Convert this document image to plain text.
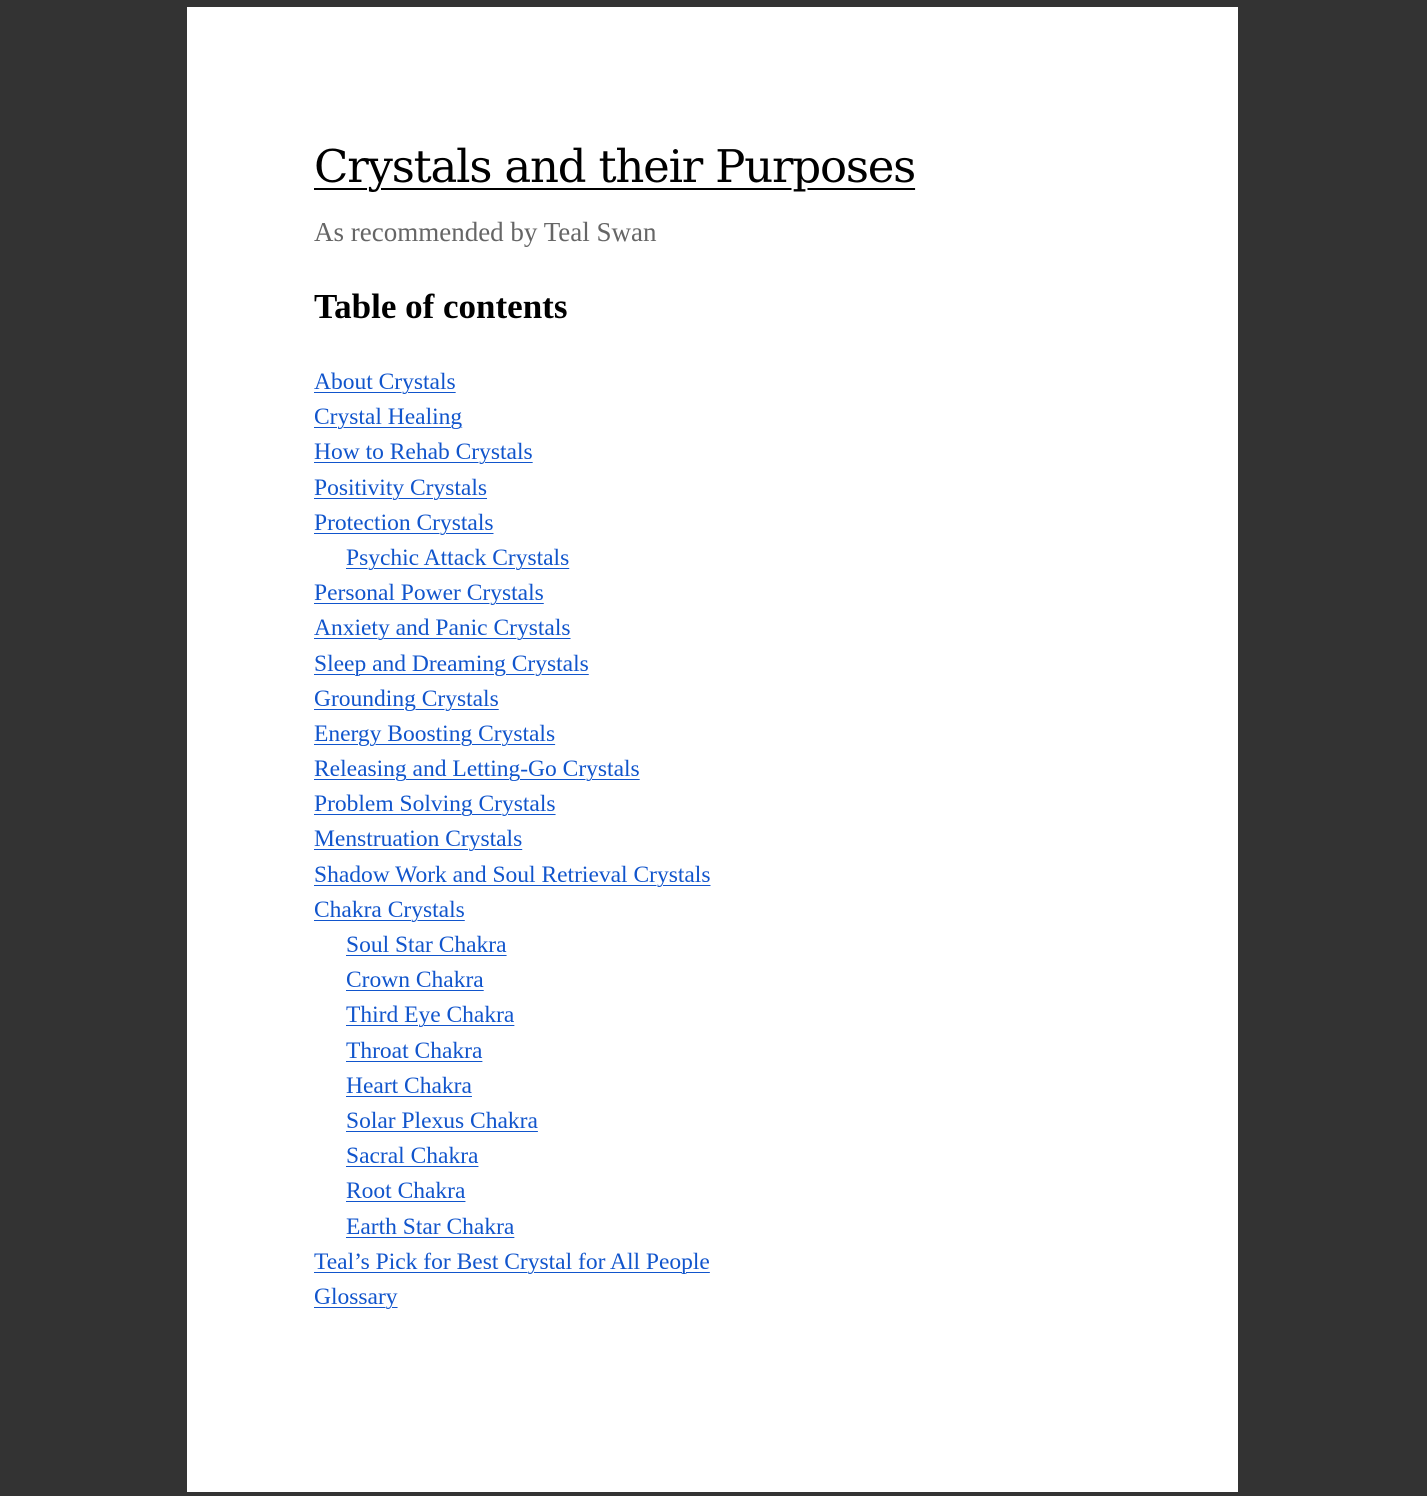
Crystals and their Purposes
As recommended by Teal Swan
Table of contents
About Crystals
Crystal Healing
How to Rehab Crystals
Positivity Crystals
Protection Crystals
Psychic Attack Crystals
Personal Power Crystals
Anxiety and Panic Crystals
Sleep and Dreaming Crystals
Grounding Crystals
Energy Boosting Crystals
Releasing and Letting-Go Crystals
Problem Solving Crystals
Menstruation Crystals
Shadow Work and Soul Retrieval Crystals
Chakra Crystals
Soul Star Chakra
Crown Chakra
Third Eye Chakra
Throat Chakra
Heart Chakra
Solar Plexus Chakra
Sacral Chakra
Root Chakra
Earth Star Chakra
Teal’s Pick for Best Crystal for All People
Glossary
